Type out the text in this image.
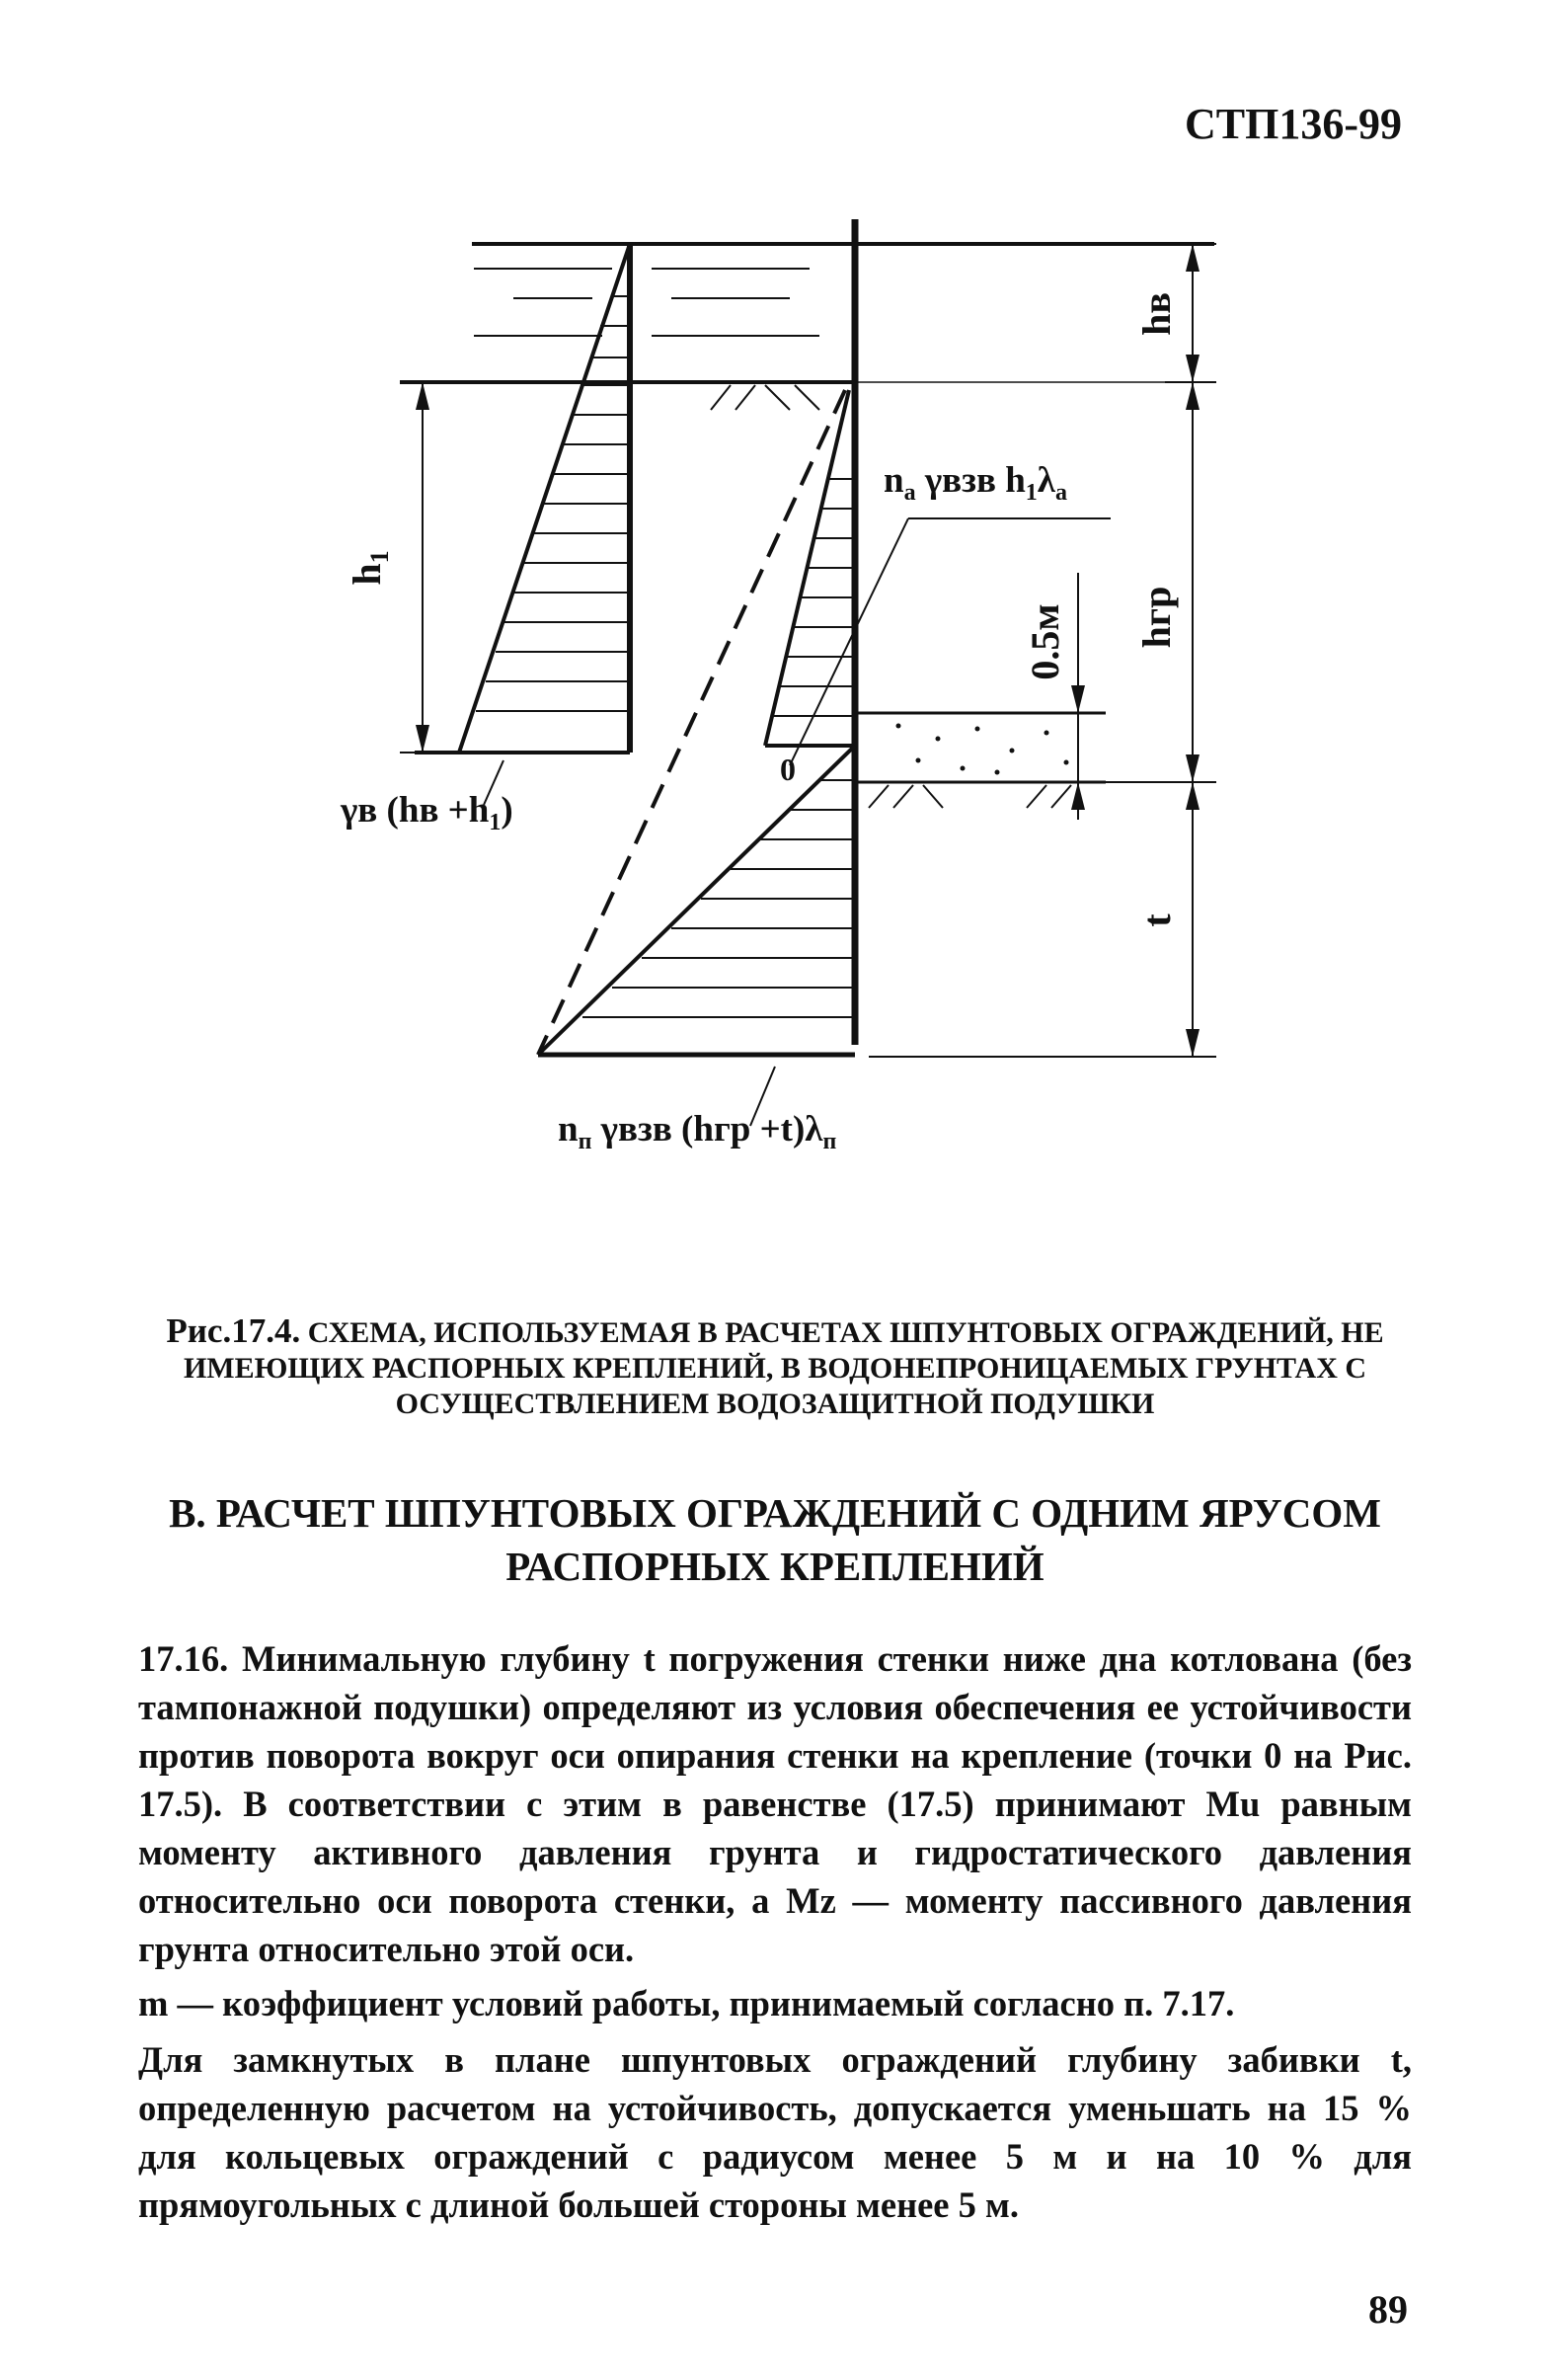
СТП136-99
hв
hгр
0.5м
t
$h_1$
0
γв $(hв +h_1)$
$n_а$ γвзв $h_1\lambda_а$
$n_п$ γвзв $(hгр +t)\lambda_п$
Рис.17.4. СХЕМА, ИСПОЛЬЗУЕМАЯ В РАСЧЕТАХ ШПУНТОВЫХ ОГРАЖДЕНИЙ, НЕ ИМЕЮЩИХ РАСПОРНЫХ КРЕПЛЕНИЙ, В ВОДОНЕПРОНИЦАЕМЫХ ГРУНТАХ С ОСУЩЕСТВЛЕНИЕМ ВОДОЗАЩИТНОЙ ПОДУШКИ
В. РАСЧЕТ ШПУНТОВЫХ ОГРАЖДЕНИЙ С ОДНИМ ЯРУСОМ РАСПОРНЫХ КРЕПЛЕНИЙ

17.16. Минимальную глубину t погружения стенки ниже дна котлована (без тампонажной подушки) определяют из условия обеспечения ее устойчивости против поворота вокруг оси опирания стенки на крепление (точки 0 на Рис. 17.5). В соответствии с этим в равенстве (17.5) принимают Mu равным моменту активного давления грунта и гидростатического давления относительно оси поворота стенки, а Mz — моменту пассивного давления грунта относительно этой оси.

m — коэффициент условий работы, принимаемый согласно п. 7.17.

Для замкнутых в плане шпунтовых ограждений глубину забивки t, определенную расчетом на устойчивость, допускается уменьшать на 15 % для кольцевых ограждений с радиусом менее 5 м и на 10 % для прямоугольных с длиной большей стороны менее 5 м.

89
